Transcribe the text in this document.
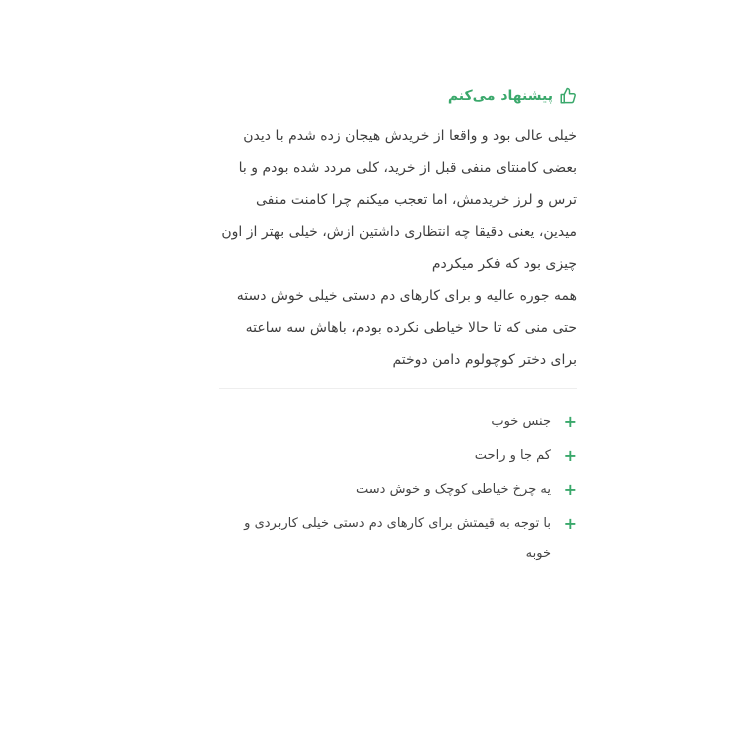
پیشنهاد می‌کنم

خیلی عالی بود و واقعا از خریدش هیجان زده شدم با دیدن بعضی کامنتای منفی قبل از خرید، کلی مردد شده بودم و با ترس و لرز خریدمش، اما تعجب میکنم چرا کامنت منفی میدین، یعنی دقیقا چه انتظاری داشتین ازش، خیلی بهتر از اون چیزی بود که فکر میکردم

همه جوره عالیه و برای کارهای دم دستی خیلی خوش دسته

حتی منی که تا حالا خیاطی نکرده بودم، باهاش سه ساعته برای دختر کوچولوم دامن دوختم

+
جنس خوب
+
کم جا و راحت
+
یه چرخ خیاطی کوچک و خوش دست
+
با توجه به قیمتش برای کارهای دم دستی خیلی کاربردی و خوبه
